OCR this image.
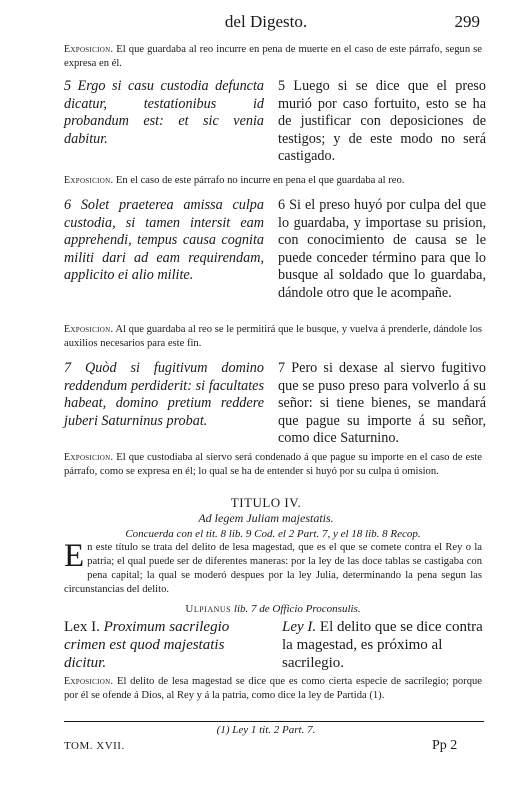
del Digesto.	299
Exposicion. El que guardaba al reo incurre en pena de muerte en el caso de este párrafo, segun se expresa en él.
5 Ergo si casu custodia defuncta dicatur, testationibus id probandum est: et sic venia dabitur.
5 Luego si se dice que el preso murió por caso fortuito, esto se ha de justificar con deposiciones de testigos; y de este modo no será castigado.
Exposicion. En el caso de este párrafo no incurre en pena el que guardaba al reo.
6 Solet praeterea amissa culpa custodia, si tamen intersit eam apprehendi, tempus causa cognita militi dari ad eam requirendam, applicito ei alio milite.
6 Si el preso huyó por culpa del que lo guardaba, y importase su prision, con conocimiento de causa se le puede conceder término para que lo busque al soldado que lo guardaba, dándole otro que le acompañe.
Exposicion. Al que guardaba al reo se le permitirá que le busque, y vuelva á prenderle, dándole los auxilios necesarios para este fin.
7 Quòd si fugitivum domino reddendum perdiderit: si facultates habeat, domino pretium reddere juberi Saturninus probat.
7 Pero si dexase al siervo fugitivo que se puso preso para volverlo á su señor: si tiene bienes, se mandará que pague su importe á su señor, como dice Saturnino.
Exposicion. El que custodiaba al siervo será condenado á que pague su importe en el caso de este párrafo, como se expresa en él; lo qual se ha de entender si huyó por su culpa ú omision.
TITULO IV.
Ad legem Juliam majestatis.
Concuerda con el tit. 8 lib. 9 Cod. el 2 Part. 7, y el 18 lib. 8 Recop.
En este título se trata del delito de lesa magestad, que es el que se comete contra el Rey o la patria; el qual puede ser de diferentes maneras: por la ley de las doce tablas se castigaba con pena capital; la qual se moderó despues por la ley Julia, determinando la pena segun las circunstancias del delito.
Ulpianus lib. 7 de Officio Proconsulis.
Lex I. Proximum sacrilegio crimen est quod majestatis dicitur.
Ley I. El delito que se dice contra la magestad, es próximo al sacrilegio.
Exposicion. El delito de lesa magestad se dice que es como cierta especie de sacrilegio; porque por él se ofende á Dios, al Rey y á la patria, como dice la ley de Partida (1).
(1) Ley 1 tit. 2 Part. 7.
TOM. XVII.	Pp 2
